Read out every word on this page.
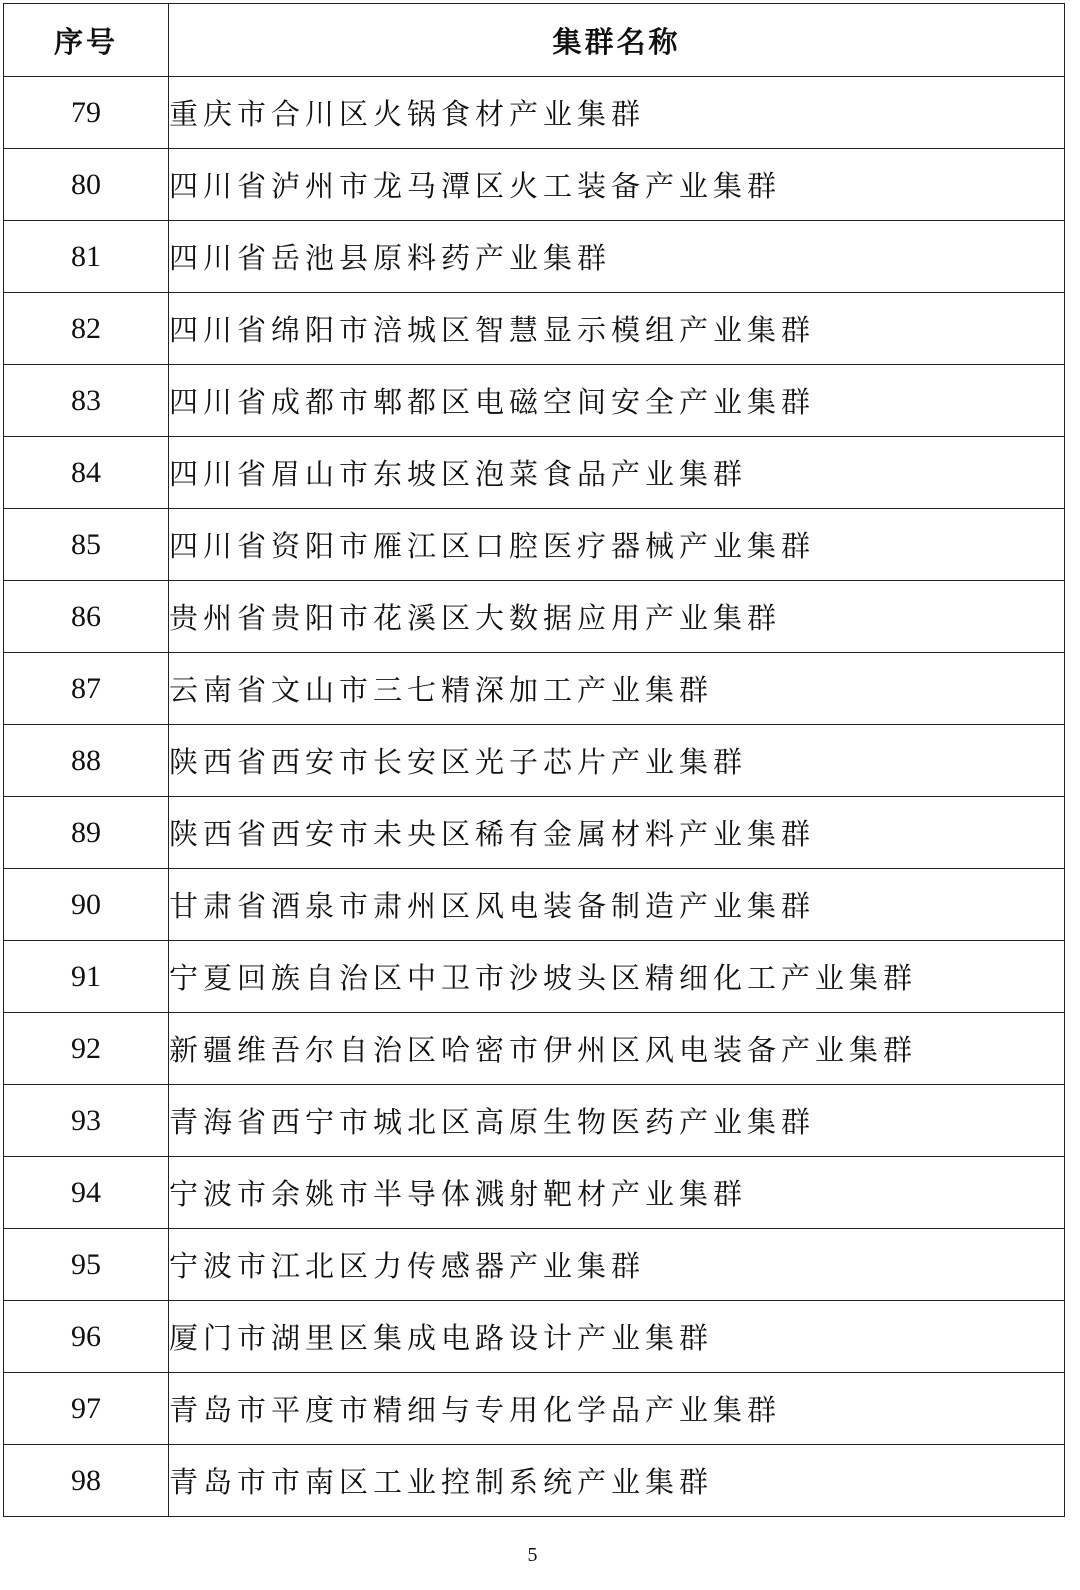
序号	集群名称
79	重庆市合川区火锅食材产业集群
80	四川省泸州市龙马潭区火工装备产业集群
81	四川省岳池县原料药产业集群
82	四川省绵阳市涪城区智慧显示模组产业集群
83	四川省成都市郫都区电磁空间安全产业集群
84	四川省眉山市东坡区泡菜食品产业集群
85	四川省资阳市雁江区口腔医疗器械产业集群
86	贵州省贵阳市花溪区大数据应用产业集群
87	云南省文山市三七精深加工产业集群
88	陕西省西安市长安区光子芯片产业集群
89	陕西省西安市未央区稀有金属材料产业集群
90	甘肃省酒泉市肃州区风电装备制造产业集群
91	宁夏回族自治区中卫市沙坡头区精细化工产业集群
92	新疆维吾尔自治区哈密市伊州区风电装备产业集群
93	青海省西宁市城北区高原生物医药产业集群
94	宁波市余姚市半导体溅射靶材产业集群
95	宁波市江北区力传感器产业集群
96	厦门市湖里区集成电路设计产业集群
97	青岛市平度市精细与专用化学品产业集群
98	青岛市市南区工业控制系统产业集群
5
